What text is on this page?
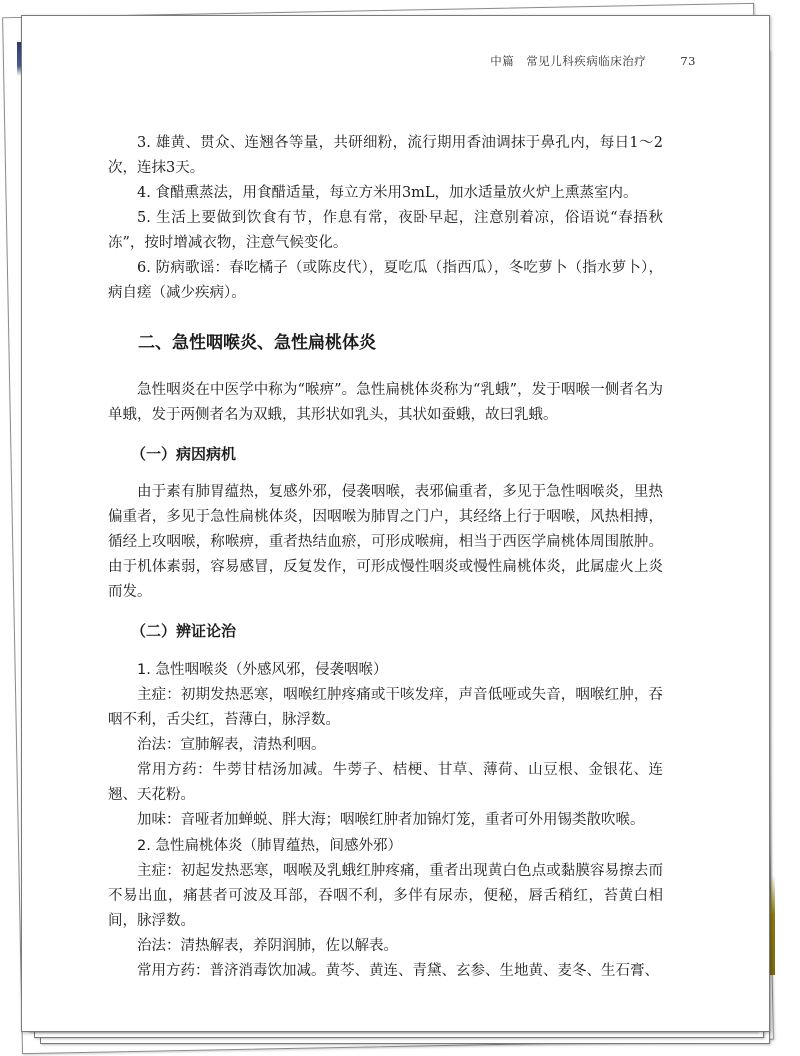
中篇　常见儿科疾病临床治疗	73

3. 雄黄、贯众、连翘各等量，共研细粉，流行期用香油调抹于鼻孔内，每日1～2次，连抹3天。

4. 食醋熏蒸法，用食醋适量，每立方米用3mL，加水适量放火炉上熏蒸室内。

5. 生活上要做到饮食有节，作息有常，夜卧早起，注意别着凉，俗语说“春捂秋冻”，按时增减衣物，注意气候变化。

6. 防病歌谣：春吃橘子（或陈皮代），夏吃瓜（指西瓜），冬吃萝卜（指水萝卜），病自瘥（减少疾病）。

二、急性咽喉炎、急性扁桃体炎

急性咽炎在中医学中称为“喉痹”。急性扁桃体炎称为“乳蛾”，发于咽喉一侧者名为单蛾，发于两侧者名为双蛾，其形状如乳头，其状如蚕蛾，故曰乳蛾。

（一）病因病机

由于素有肺胃蕴热，复感外邪，侵袭咽喉，表邪偏重者，多见于急性咽喉炎，里热偏重者，多见于急性扁桃体炎，因咽喉为肺胃之门户，其经络上行于咽喉，风热相搏，循经上攻咽喉，称喉痹，重者热结血瘀，可形成喉痈，相当于西医学扁桃体周围脓肿。由于机体素弱，容易感冒，反复发作，可形成慢性咽炎或慢性扁桃体炎，此属虚火上炎而发。

（二）辨证论治
1. 急性咽喉炎（外感风邪，侵袭咽喉）

主症：初期发热恶寒，咽喉红肿疼痛或干咳发痒，声音低哑或失音，咽喉红肿，吞咽不利，舌尖红，苔薄白，脉浮数。

治法：宣肺解表，清热利咽。

常用方药：牛蒡甘桔汤加减。牛蒡子、桔梗、甘草、薄荷、山豆根、金银花、连翘、天花粉。

加味：音哑者加蝉蜕、胖大海；咽喉红肿者加锦灯笼，重者可外用锡类散吹喉。

2. 急性扁桃体炎（肺胃蕴热，间感外邪）

主症：初起发热恶寒，咽喉及乳蛾红肿疼痛，重者出现黄白色点或黏膜容易擦去而不易出血，痛甚者可波及耳部，吞咽不利，多伴有尿赤，便秘，唇舌稍红，苔黄白相间，脉浮数。

治法：清热解表，养阴润肺，佐以解表。

常用方药：普济消毒饮加减。黄芩、黄连、青黛、玄参、生地黄、麦冬、生石膏、
